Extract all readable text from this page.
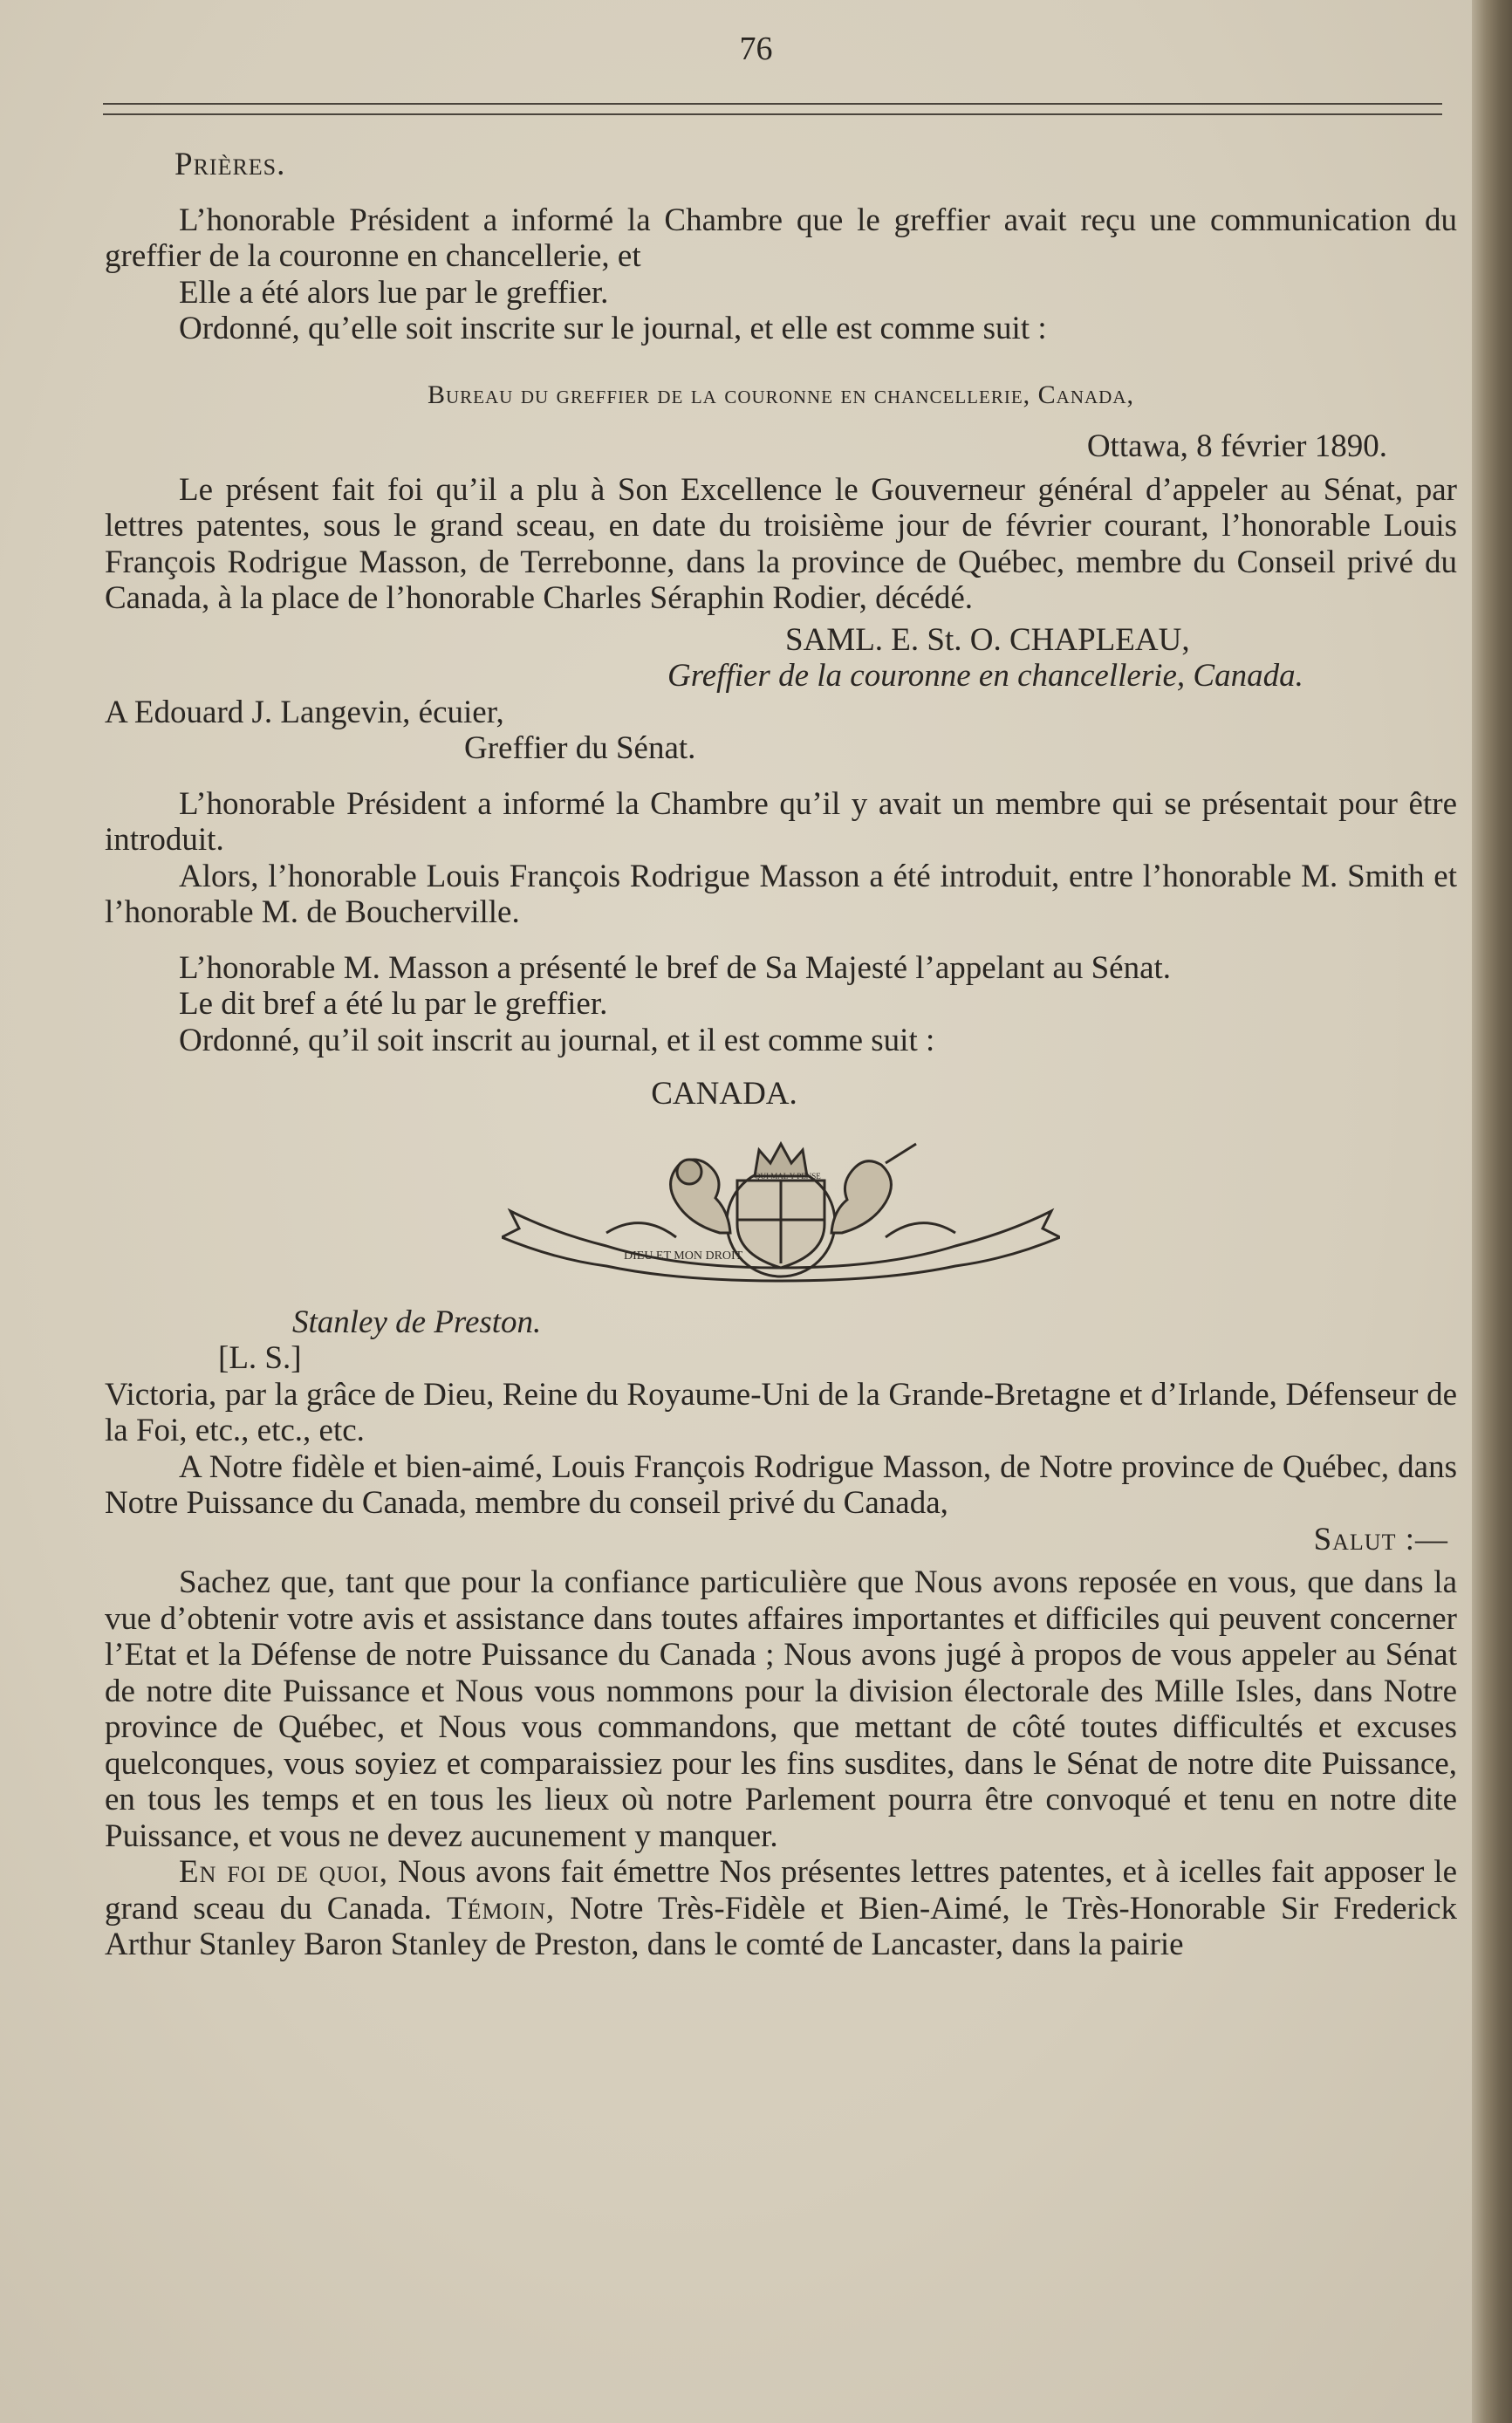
76

Prières.

L’honorable Président a informé la Chambre que le greffier avait reçu une communication du greffier de la couronne en chancellerie, et

Elle a été alors lue par le greffier.

Ordonné, qu’elle soit inscrite sur le journal, et elle est comme suit :

Bureau du greffier de la couronne en chancellerie, Canada,

Ottawa, 8 février 1890.

Le présent fait foi qu’il a plu à Son Excellence le Gouverneur général d’appeler au Sénat, par lettres patentes, sous le grand sceau, en date du troisième jour de février courant, l’honorable Louis François Rodrigue Masson, de Terrebonne, dans la province de Québec, membre du Conseil privé du Canada, à la place de l’honorable Charles Séraphin Rodier, décédé.

SAML. E. St. O. CHAPLEAU,

Greffier de la couronne en chancellerie, Canada.

A Edouard J. Langevin, écuier,

Greffier du Sénat.

L’honorable Président a informé la Chambre qu’il y avait un membre qui se présentait pour être introduit.

Alors, l’honorable Louis François Rodrigue Masson a été introduit, entre l’honorable M. Smith et l’honorable M. de Boucherville.

L’honorable M. Masson a présenté le bref de Sa Majesté l’appelant au Sénat.

Le dit bref a été lu par le greffier.

Ordonné, qu’il soit inscrit au journal, et il est comme suit :

CANADA.

DIEU ET MON DROIT
QUI MAL Y PENSE

Stanley de Preston.

[L. S.]

Victoria, par la grâce de Dieu, Reine du Royaume-Uni de la Grande-Bretagne et d’Irlande, Défenseur de la Foi, etc., etc., etc.

A Notre fidèle et bien-aimé, Louis François Rodrigue Masson, de Notre province de Québec, dans Notre Puissance du Canada, membre du conseil privé du Canada,

Salut :—

Sachez que, tant que pour la confiance particulière que Nous avons reposée en vous, que dans la vue d’obtenir votre avis et assistance dans toutes affaires importantes et difficiles qui peuvent concerner l’Etat et la Défense de notre Puissance du Canada ; Nous avons jugé à propos de vous appeler au Sénat de notre dite Puissance et Nous vous nommons pour la division électorale des Mille Isles, dans Notre province de Québec, et Nous vous commandons, que mettant de côté toutes difficultés et excuses quelconques, vous soyiez et comparaissiez pour les fins susdites, dans le Sénat de notre dite Puissance, en tous les temps et en tous les lieux où notre Parlement pourra être convoqué et tenu en notre dite Puissance, et vous ne devez aucunement y manquer.

En foi de quoi, Nous avons fait émettre Nos présentes lettres patentes, et à icelles fait apposer le grand sceau du Canada. Témoin, Notre Très-Fidèle et Bien-Aimé, le Très-Honorable Sir Frederick Arthur Stanley Baron Stanley de Preston, dans le comté de Lancaster, dans la pairie
